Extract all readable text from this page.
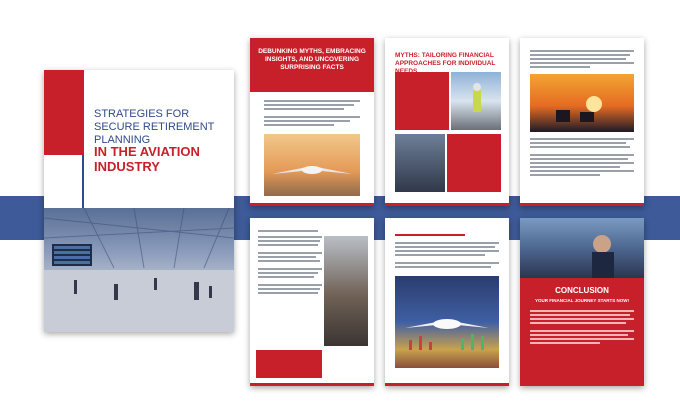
STRATEGIES FOR SECURE RETIREMENT PLANNING
IN THE AVIATION INDUSTRY
DEBUNKING MYTHS, EMBRACING INSIGHTS, AND UNCOVERING SURPRISING FACTS
MYTHS: TAILORING FINANCIAL APPROACHES FOR INDIVIDUAL
CONCLUSION
YOUR FINANCIAL JOURNEY STARTS NOW!
